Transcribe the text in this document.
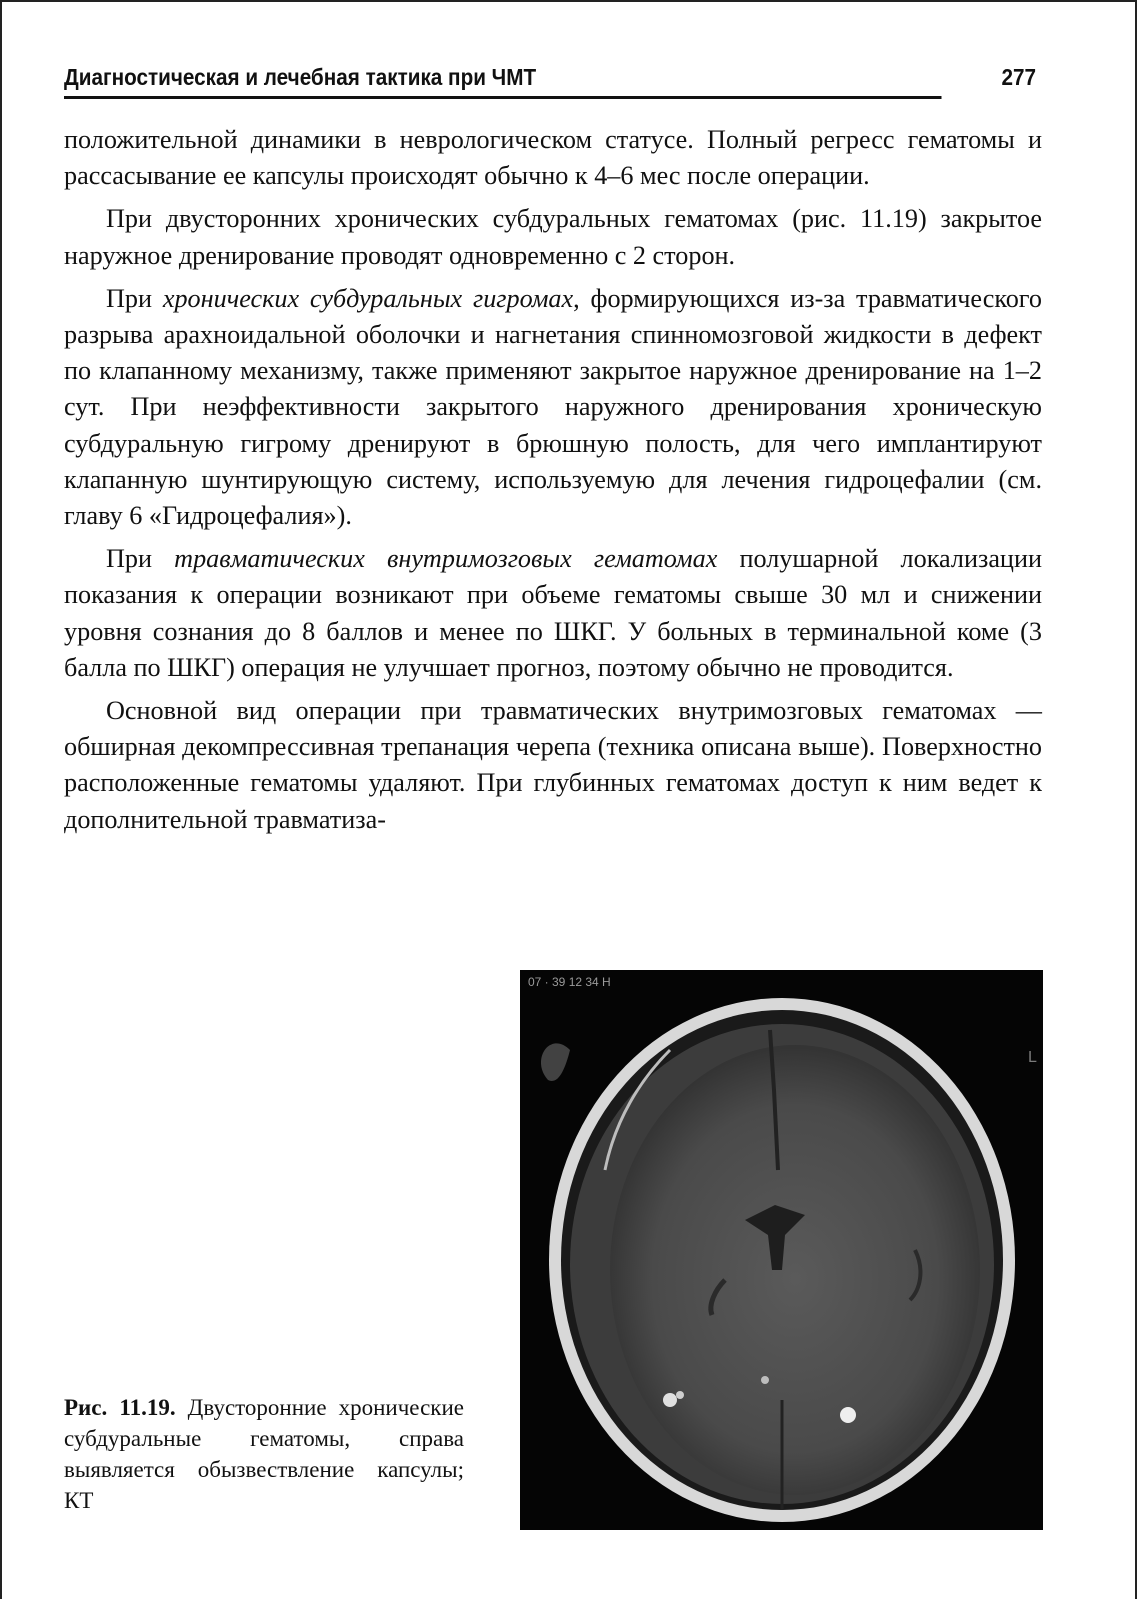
Диагностическая и лечебная тактика при ЧМТ	277

положительной динамики в неврологическом статусе. Полный регресс гематомы и рассасывание ее капсулы происходят обычно к 4–6 мес после операции.

При двусторонних хронических субдуральных гематомах (рис. 11.19) закрытое наружное дренирование проводят одновременно с 2 сторон.

При хронических субдуральных гигромах, формирующихся из-за травматического разрыва арахноидальной оболочки и нагнетания спинномозговой жидкости в дефект по клапанному механизму, также применяют закрытое наружное дренирование на 1–2 сут. При неэффективности закрытого наружного дренирования хроническую субдуральную гигрому дренируют в брюшную полость, для чего имплантируют клапанную шунтирующую систему, используемую для лечения гидроцефалии (см. главу 6 «Гидроцефалия»).

При травматических внутримозговых гематомах полушарной локализации показания к операции возникают при объеме гематомы свыше 30 мл и снижении уровня сознания до 8 баллов и менее по ШКГ. У больных в терминальной коме (3 балла по ШКГ) операция не улучшает прогноз, поэтому обычно не проводится.

Основной вид операции при травматических внутримозговых гематомах — обширная декомпрессивная трепанация черепа (техника описана выше). Поверхностно расположенные гематомы удаляют. При глубинных гематомах доступ к ним ведет к дополнительной травматиза-

07 · 39 12 34 H
L
Рис. 11.19. Двусторонние хронические субдуральные гематомы, справа выявляется обызвествление капсулы; КТ
